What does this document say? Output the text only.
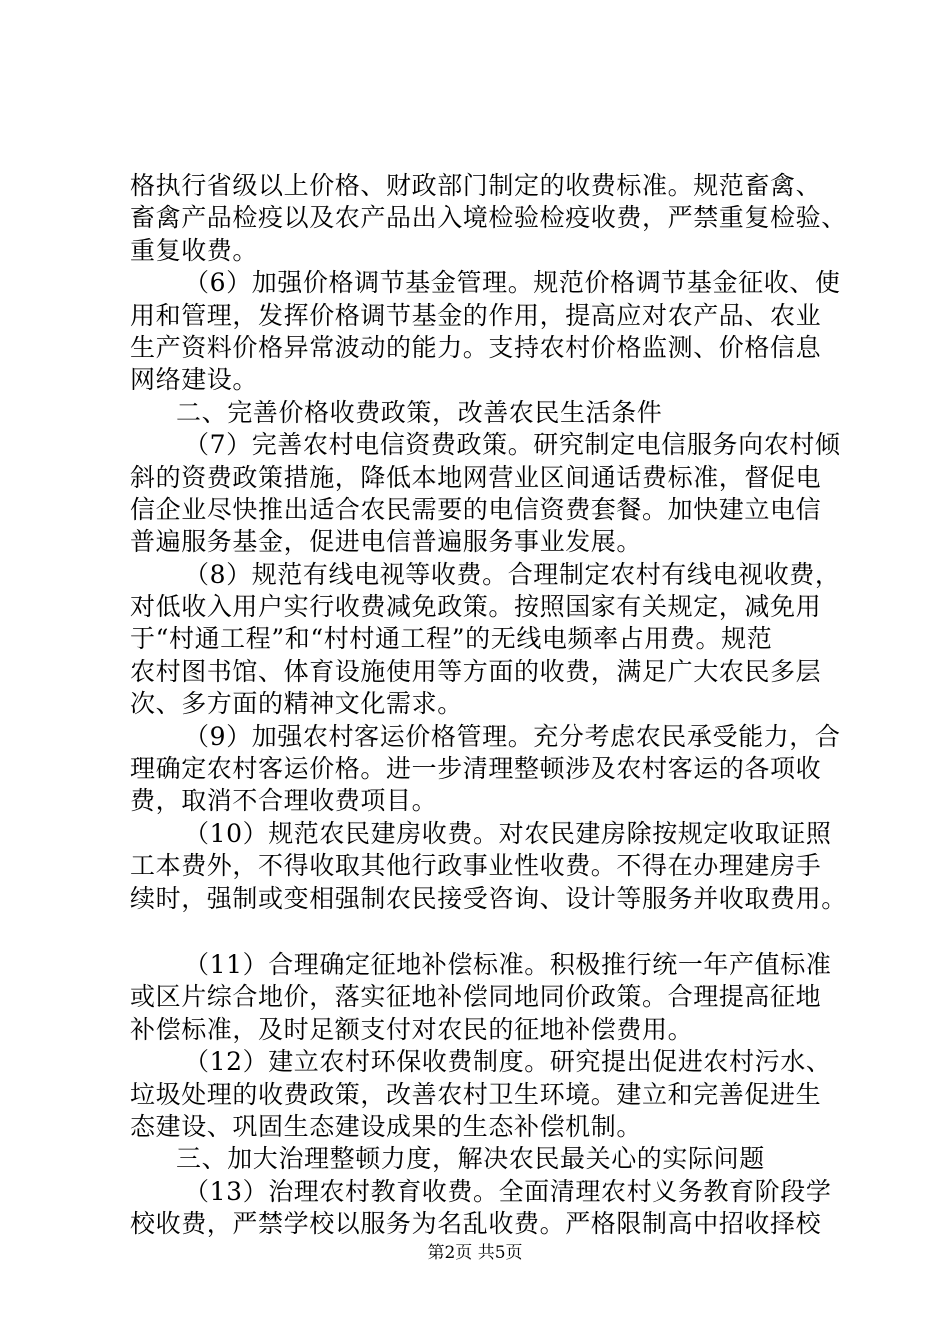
格执行省级以上价格、财政部门制定的收费标准。规范畜禽、
畜禽产品检疫以及农产品出入境检验检疫收费，严禁重复检验、
重复收费。
（6）加强价格调节基金管理。规范价格调节基金征收、使
用和管理，发挥价格调节基金的作用，提高应对农产品、农业
生产资料价格异常波动的能力。支持农村价格监测、价格信息
网络建设。
二、完善价格收费政策，改善农民生活条件
（7）完善农村电信资费政策。研究制定电信服务向农村倾
斜的资费政策措施，降低本地网营业区间通话费标准，督促电
信企业尽快推出适合农民需要的电信资费套餐。加快建立电信
普遍服务基金，促进电信普遍服务事业发展。
（8）规范有线电视等收费。合理制定农村有线电视收费，
对低收入用户实行收费减免政策。按照国家有关规定，减免用
于“村通工程”和“村村通工程”的无线电频率占用费。规范
农村图书馆、体育设施使用等方面的收费，满足广大农民多层
次、多方面的精神文化需求。
（9）加强农村客运价格管理。充分考虑农民承受能力，合
理确定农村客运价格。进一步清理整顿涉及农村客运的各项收
费，取消不合理收费项目。
（10）规范农民建房收费。对农民建房除按规定收取证照
工本费外，不得收取其他行政事业性收费。不得在办理建房手
续时，强制或变相强制农民接受咨询、设计等服务并收取费用。
（11）合理确定征地补偿标准。积极推行统一年产值标准
或区片综合地价，落实征地补偿同地同价政策。合理提高征地
补偿标准，及时足额支付对农民的征地补偿费用。
（12）建立农村环保收费制度。研究提出促进农村污水、
垃圾处理的收费政策，改善农村卫生环境。建立和完善促进生
态建设、巩固生态建设成果的生态补偿机制。
三、加大治理整顿力度，解决农民最关心的实际问题
（13）治理农村教育收费。全面清理农村义务教育阶段学
校收费，严禁学校以服务为名乱收费。严格限制高中招收择校
第2页 共5页
